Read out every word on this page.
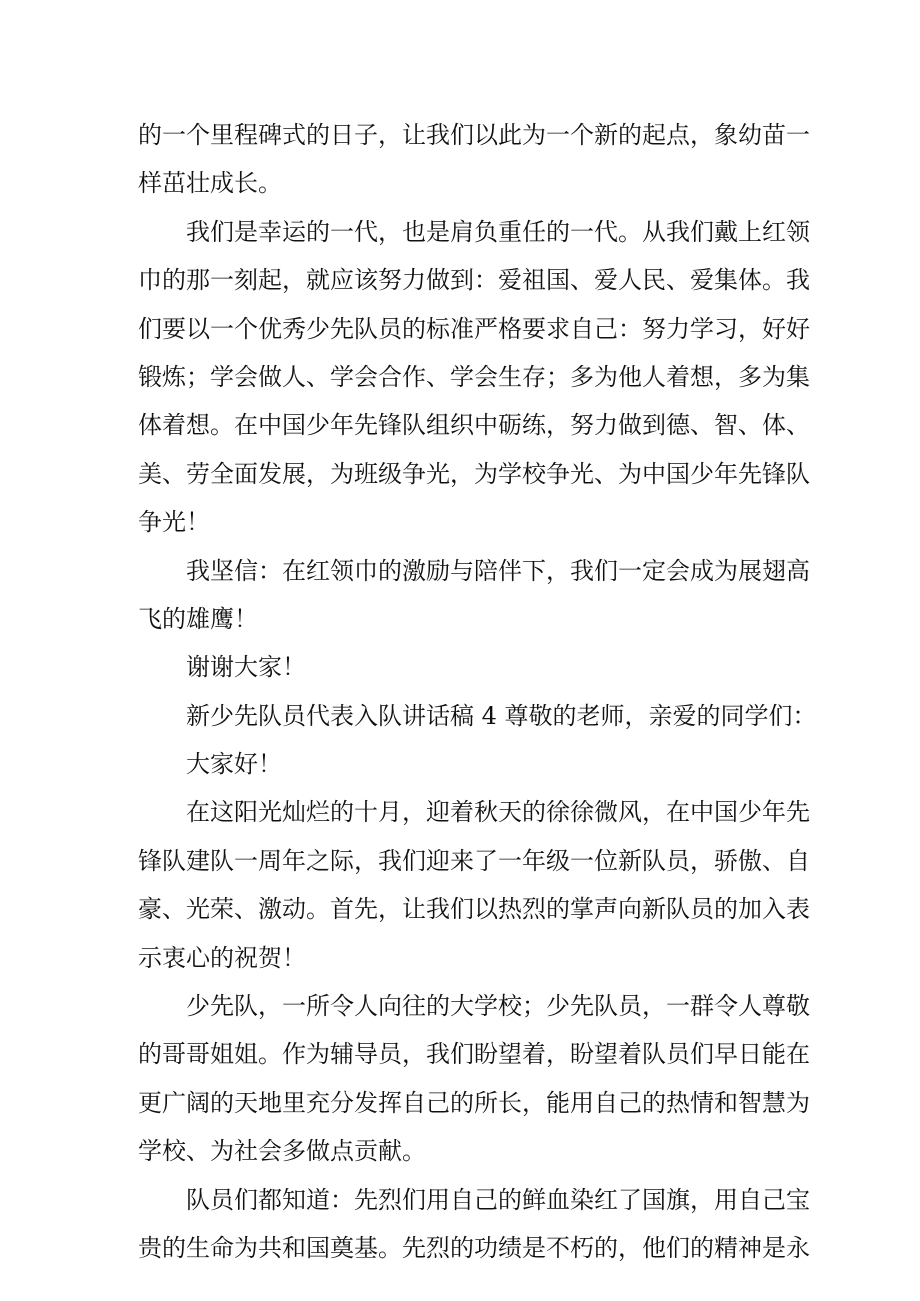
的一个里程碑式的日子，让我们以此为一个新的起点，象幼苗一
样茁壮成长。
我们是幸运的一代，也是肩负重任的一代。从我们戴上红领
巾的那一刻起，就应该努力做到：爱祖国、爱人民、爱集体。我
们要以一个优秀少先队员的标准严格要求自己：努力学习，好好
锻炼；学会做人、学会合作、学会生存；多为他人着想，多为集
体着想。在中国少年先锋队组织中砺练，努力做到德、智、体、
美、劳全面发展，为班级争光，为学校争光、为中国少年先锋队
争光！
我坚信：在红领巾的激励与陪伴下，我们一定会成为展翅高
飞的雄鹰！
谢谢大家！
新少先队员代表入队讲话稿 4 尊敬的老师，亲爱的同学们：
大家好！
在这阳光灿烂的十月，迎着秋天的徐徐微风，在中国少年先
锋队建队一周年之际，我们迎来了一年级一位新队员，骄傲、自
豪、光荣、激动。首先，让我们以热烈的掌声向新队员的加入表
示衷心的祝贺！
少先队，一所令人向往的大学校；少先队员，一群令人尊敬
的哥哥姐姐。作为辅导员，我们盼望着，盼望着队员们早日能在
更广阔的天地里充分发挥自己的所长，能用自己的热情和智慧为
学校、为社会多做点贡献。
队员们都知道：先烈们用自己的鲜血染红了国旗，用自己宝
贵的生命为共和国奠基。先烈的功绩是不朽的，他们的精神是永
